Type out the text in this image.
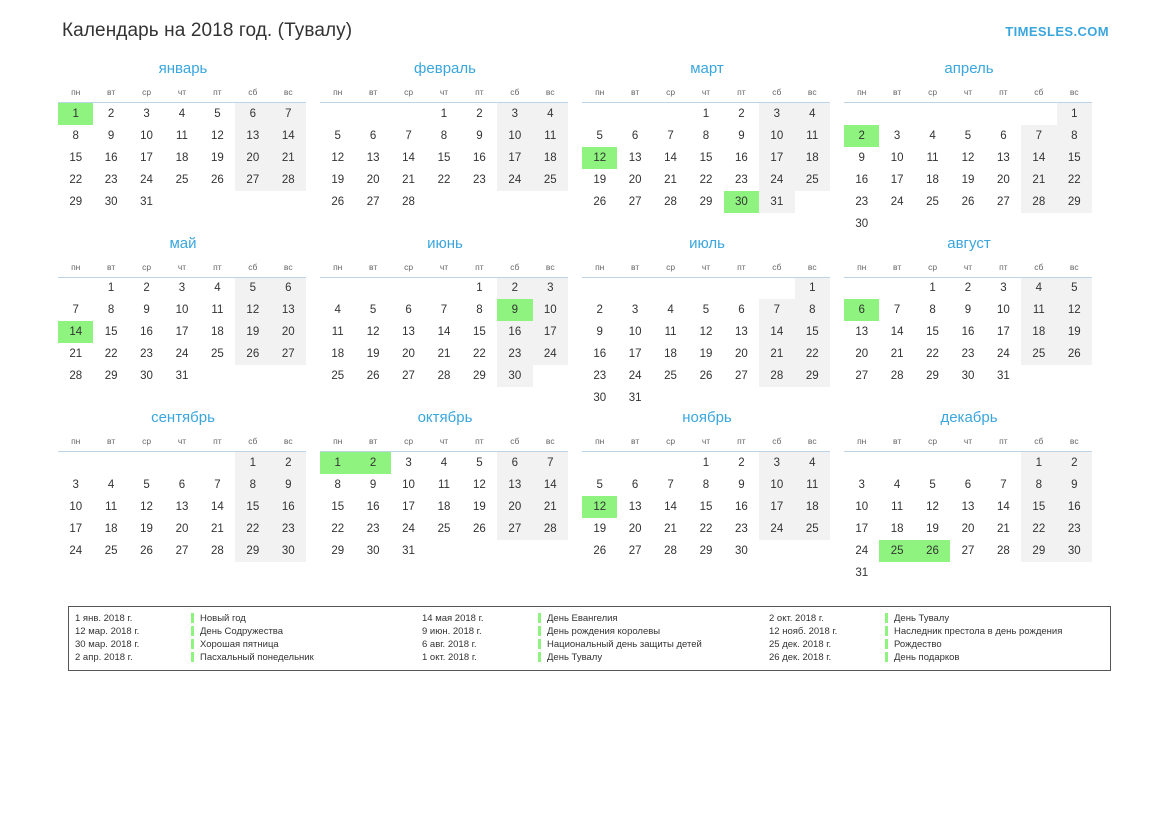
Календарь на 2018 год. (Тувалу)	TIMESLES.COM
январь
пн	вт	ср	чт	пт	сб	вс
1	2	3	4	5	6	7
8	9	10	11	12	13	14
15	16	17	18	19	20	21
22	23	24	25	26	27	28
29	30	31				
февраль
пн	вт	ср	чт	пт	сб	вс
			1	2	3	4
5	6	7	8	9	10	11
12	13	14	15	16	17	18
19	20	21	22	23	24	25
26	27	28				
март
пн	вт	ср	чт	пт	сб	вс
			1	2	3	4
5	6	7	8	9	10	11
12	13	14	15	16	17	18
19	20	21	22	23	24	25
26	27	28	29	30	31	
апрель
пн	вт	ср	чт	пт	сб	вс
						1
2	3	4	5	6	7	8
9	10	11	12	13	14	15
16	17	18	19	20	21	22
23	24	25	26	27	28	29
30						
май
пн	вт	ср	чт	пт	сб	вс
	1	2	3	4	5	6
7	8	9	10	11	12	13
14	15	16	17	18	19	20
21	22	23	24	25	26	27
28	29	30	31			
июнь
пн	вт	ср	чт	пт	сб	вс
				1	2	3
4	5	6	7	8	9	10
11	12	13	14	15	16	17
18	19	20	21	22	23	24
25	26	27	28	29	30	
июль
пн	вт	ср	чт	пт	сб	вс
						1
2	3	4	5	6	7	8
9	10	11	12	13	14	15
16	17	18	19	20	21	22
23	24	25	26	27	28	29
30	31					
август
пн	вт	ср	чт	пт	сб	вс
		1	2	3	4	5
6	7	8	9	10	11	12
13	14	15	16	17	18	19
20	21	22	23	24	25	26
27	28	29	30	31		
сентябрь
пн	вт	ср	чт	пт	сб	вс
					1	2
3	4	5	6	7	8	9
10	11	12	13	14	15	16
17	18	19	20	21	22	23
24	25	26	27	28	29	30
октябрь
пн	вт	ср	чт	пт	сб	вс
1	2	3	4	5	6	7
8	9	10	11	12	13	14
15	16	17	18	19	20	21
22	23	24	25	26	27	28
29	30	31				
ноябрь
пн	вт	ср	чт	пт	сб	вс
			1	2	3	4
5	6	7	8	9	10	11
12	13	14	15	16	17	18
19	20	21	22	23	24	25
26	27	28	29	30		
декабрь
пн	вт	ср	чт	пт	сб	вс
					1	2
3	4	5	6	7	8	9
10	11	12	13	14	15	16
17	18	19	20	21	22	23
24	25	26	27	28	29	30
31						
1 янв. 2018 г.	Новый год
12 мар. 2018 г.	День Содружества
30 мар. 2018 г.	Хорошая пятница
2 апр. 2018 г.	Пасхальный понедельник
14 мая 2018 г.	День Евангелия
9 июн. 2018 г.	День рождения королевы
6 авг. 2018 г.	Национальный день защиты детей
1 окт. 2018 г.	День Тувалу
2 окт. 2018 г.	День Тувалу
12 нояб. 2018 г.	Наследник престола в день рождения
25 дек. 2018 г.	Рождество
26 дек. 2018 г.	День подарков
